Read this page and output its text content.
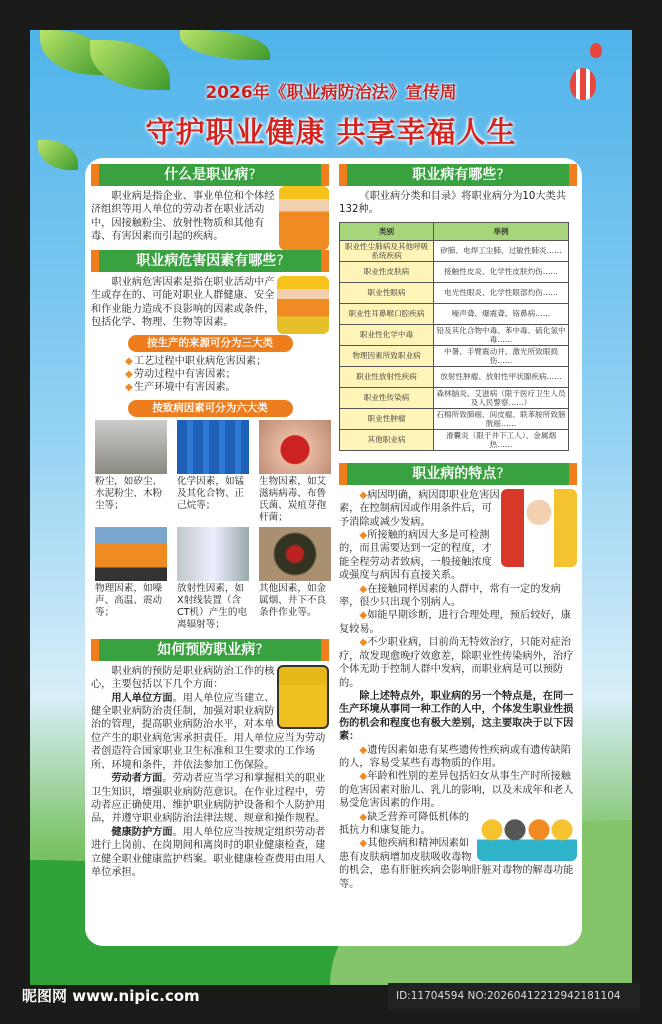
2026年《职业病防治法》宣传周
守护职业健康 共享幸福人生
什么是职业病?

职业病是指企业、事业单位和个体经济组织等用人单位的劳动者在职业活动中，因接触粉尘、放射性物质和其他有毒、有害因素而引起的疾病。

职业病危害因素有哪些?

职业病危害因素是指在职业活动中产生或存在的、可能对职业人群健康、安全和作业能力造成不良影响的因素或条件，包括化学、物理、生物等因素。

按生产的来源可分为三大类
◆ 工艺过程中职业病危害因素；
◆ 劳动过程中有害因素；
◆ 生产环境中有害因素。
按致病因素可分为六大类
粉尘，如矽尘、水泥粉尘、木粉尘等；
化学因素，如锰及其化合物、正己烷等；
生物因素，如艾滋病病毒、布鲁氏菌、炭疽芽孢杆菌；
物理因素，如噪声、高温、震动等；
放射性因素，如X射线装置（含CT机）产生的电离辐射等；
其他因素，如金属烟、井下不良条件作业等。
如何预防职业病?

职业病的预防是职业病防治工作的核心，主要包括以下几个方面：

用人单位方面。用人单位应当建立、健全职业病防治责任制，加强对职业病防治的管理，提高职业病防治水平，对本单位产生的职业病危害承担责任。用人单位应当为劳动者创造符合国家职业卫生标准和卫生要求的工作场所、环境和条件，并依法参加工伤保险。

劳动者方面。劳动者应当学习和掌握相关的职业卫生知识，增强职业病防范意识。在作业过程中，劳动者应正确使用、维护职业病防护设备和个人防护用品，并遵守职业病防治法律法规、规章和操作规程。

健康防护方面。用人单位应当按规定组织劳动者进行上岗前、在岗期间和离岗时的职业健康检查，建立健全职业健康监护档案。职业健康检查费用由用人单位承担。

职业病有哪些?

《职业病分类和目录》将职业病分为10大类共132种。

类别	举例
职业性尘肺病及其他呼吸系统疾病	矽肺、电焊工尘肺、过敏性肺炎……
职业性皮肤病	接触性皮炎、化学性皮肤灼伤……
职业性眼病	电光性眼炎、化学性眼部灼伤……
职业性耳鼻喉口腔疾病	噪声聋、爆震聋、铬鼻病……
职业性化学中毒	铅及其化合物中毒、苯中毒、硫化氢中毒……
物理因素所致职业病	中暑、手臂震动井、激光所致眼损伤……
职业性放射性疾病	放射性肿瘤、放射性甲状腺疾病……
职业性传染病	森林脑炎、艾滋病（限于医疗卫生人员及人民警察……）
职业性肿瘤	石棉所致肺癌、间皮瘤、联苯胺所致膀胱癌……
其他职业病	滑囊炎（限于井下工人）、金属烟热……
职业病的特点?

◆病因明确，病因即职业危害因素，在控制病因或作用条件后，可予消除或减少发病。

◆所接触的病因大多是可检测的，而且需要达到一定的程度，才能全程劳动者致病，一般接触浓度或强度与病因有直接关系。

◆在接触同样因素的人群中，常有一定的发病率，很少只出现个别病人。

◆如能早期诊断，进行合理处理，预后较好，康复较易。

◆不少职业病，目前尚无特效治疗，只能对症治疗，故发现愈晚疗效愈差，除职业性传染病外，治疗个体无助于控制人群中发病，而职业病是可以预防的。

除上述特点外，职业病的另一个特点是，在同一生产环境从事同一种工作的人中，个体发生职业性损伤的机会和程度也有极大差别，这主要取决于以下因素：

◆遗传因素如患有某些遗传性疾病或有遗传缺陷的人，容易受某些有毒物质的作用。

◆年龄和性别的差异包括妇女从事生产时所接触的危害因素对胎儿、乳儿的影响，以及未成年和老人易受危害因素的作用。

◆缺乏营养可降低机体的抵抗力和康复能力。

◆其他疾病和精神因素如患有皮肤病增加皮肤吸收毒物的机会，患有肝脏疾病会影响肝脏对毒物的解毒功能等。

昵图网 www.nipic.com	ID:11704594 NO:20260412212942181104
